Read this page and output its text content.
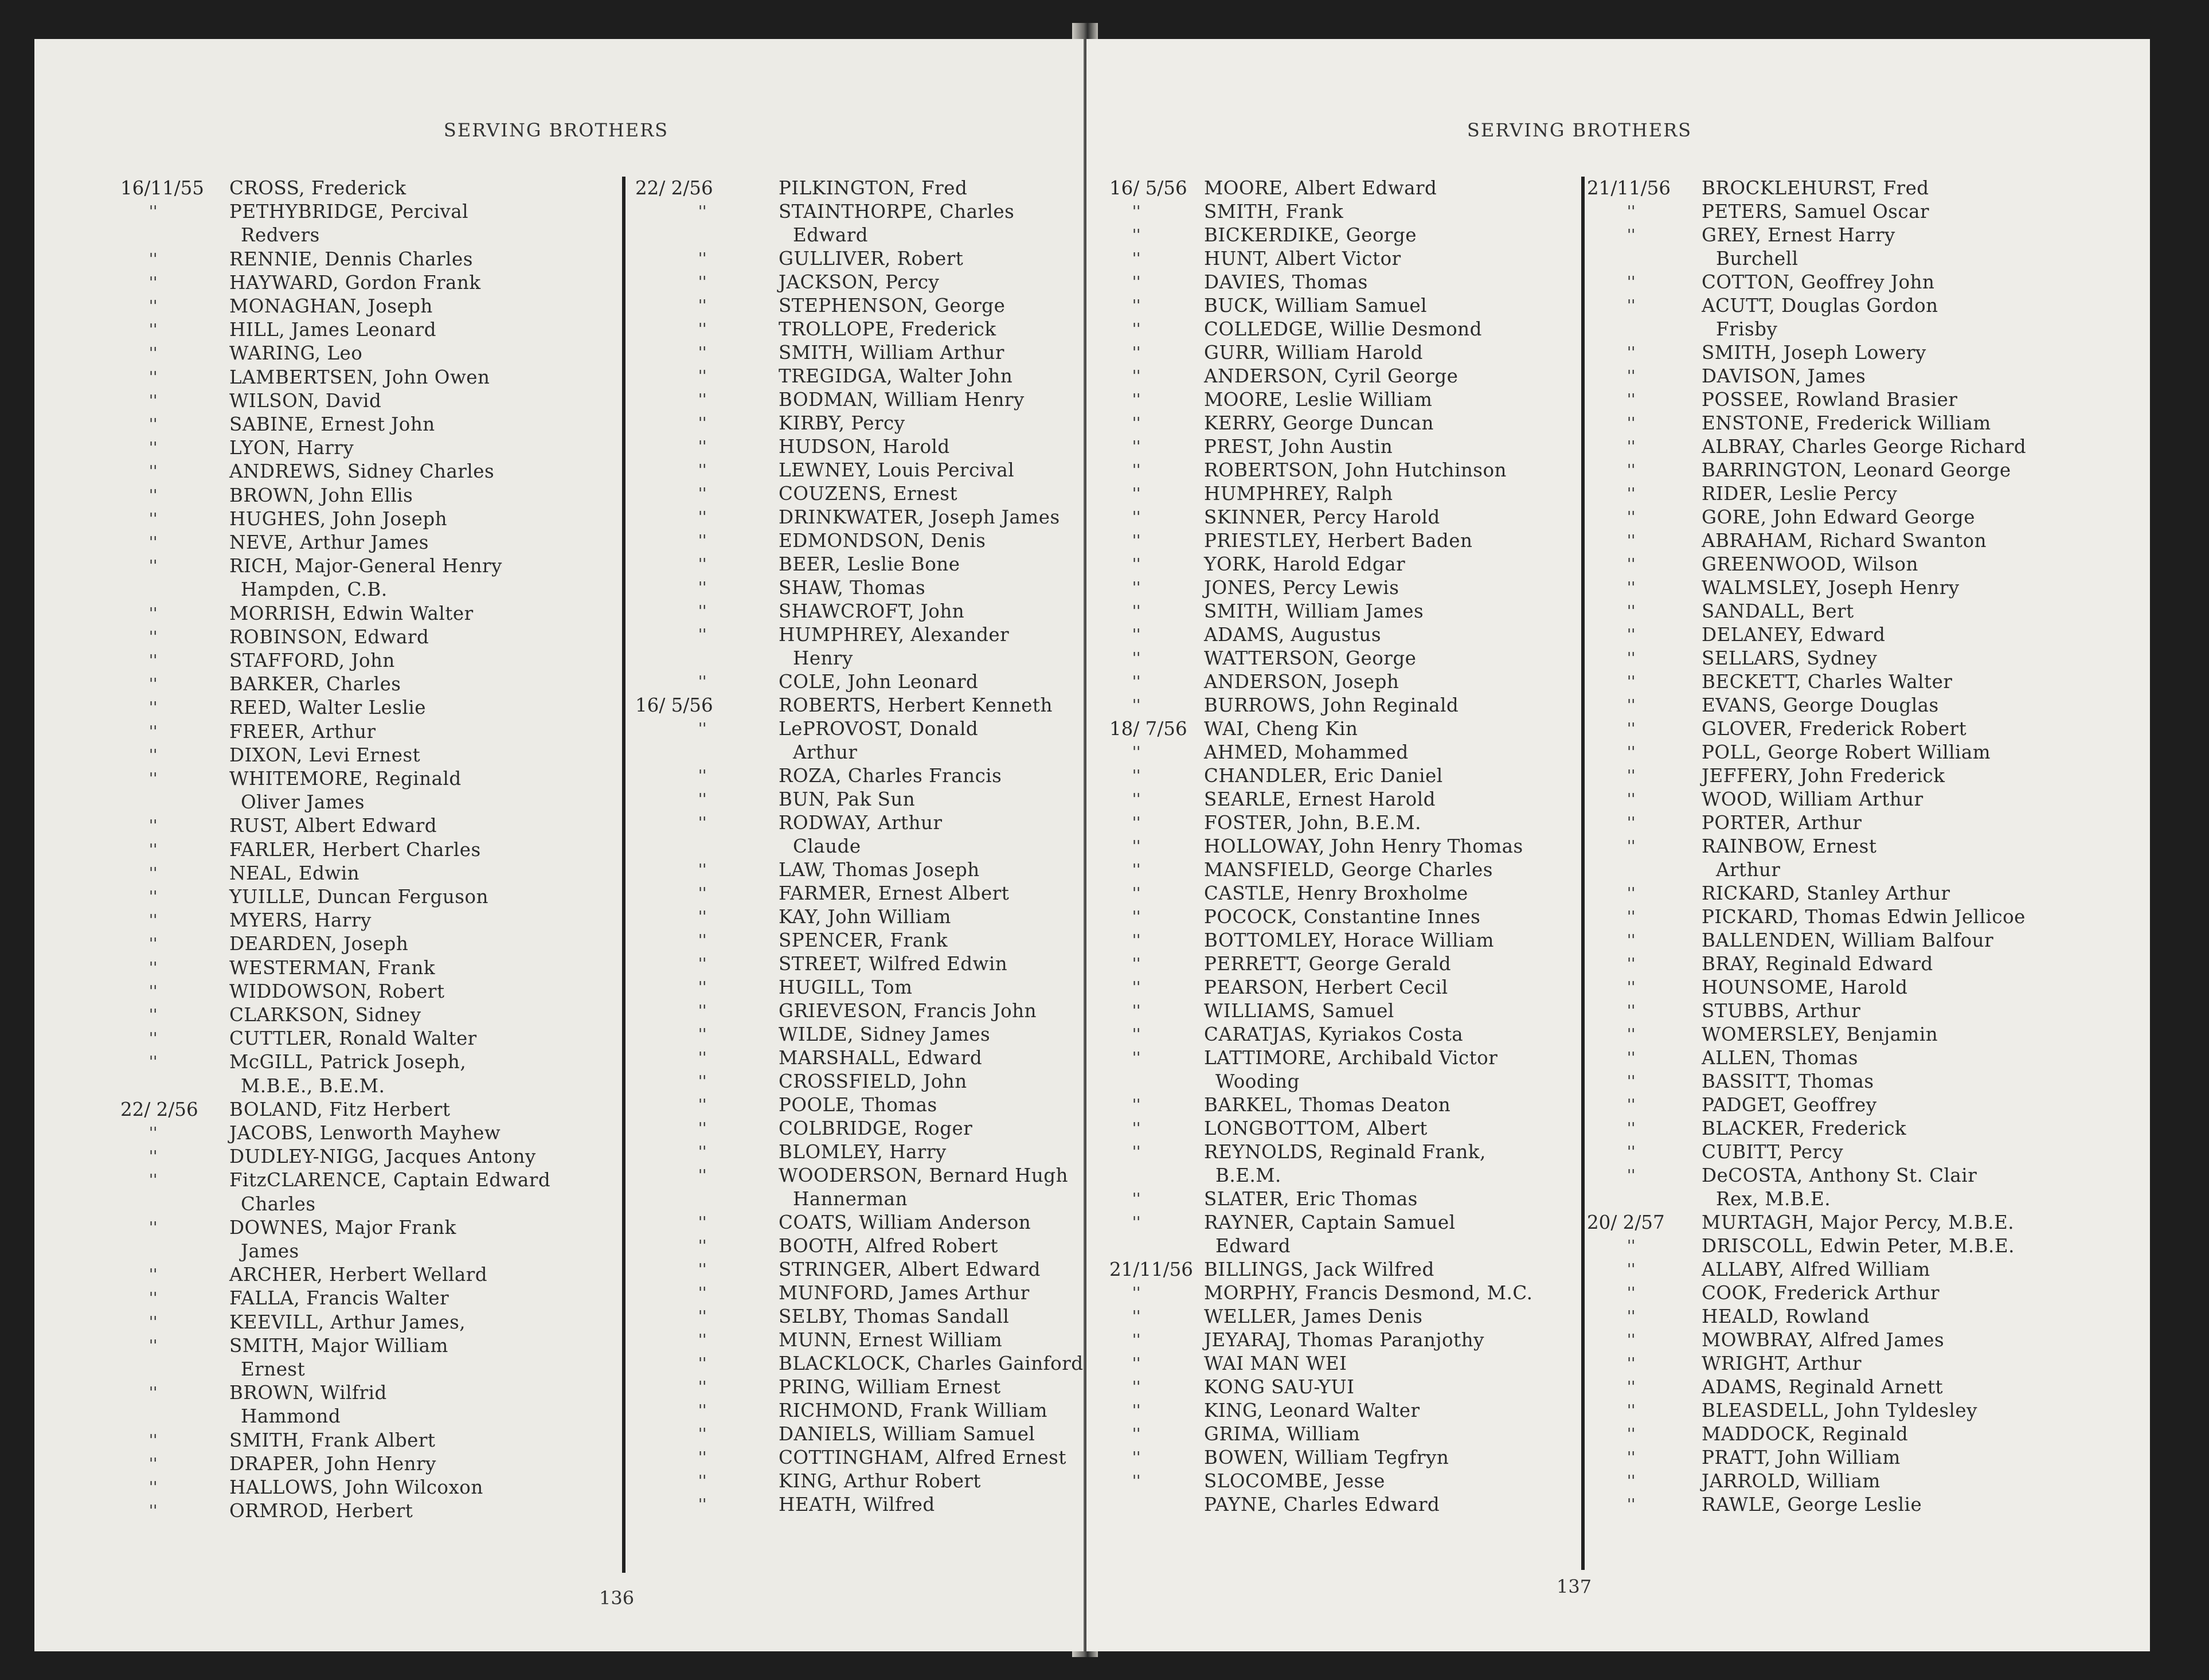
SERVING BROTHERS
16/11/55 CROSS, Frederick
''	PETHYBRIDGE, Percival
Redvers
''	RENNIE, Dennis Charles
''	HAYWARD, Gordon Frank
''	MONAGHAN, Joseph
''	HILL, James Leonard
''	WARING, Leo
''	LAMBERTSEN, John Owen
''	WILSON, David
''	SABINE, Ernest John
''	LYON, Harry
''	ANDREWS, Sidney Charles
''	BROWN, John Ellis
''	HUGHES, John Joseph
''	NEVE, Arthur James
''	RICH, Major-General Henry
Hampden, C.B.
''	MORRISH, Edwin Walter
''	ROBINSON, Edward
''	STAFFORD, John
''	BARKER, Charles
''	REED, Walter Leslie
''	FREER, Arthur
''	DIXON, Levi Ernest
''	WHITEMORE, Reginald
Oliver James
''	RUST, Albert Edward
''	FARLER, Herbert Charles
''	NEAL, Edwin
''	YUILLE, Duncan Ferguson
''	MYERS, Harry
''	DEARDEN, Joseph
''	WESTERMAN, Frank
''	WIDDOWSON, Robert
''	CLARKSON, Sidney
''	CUTTLER, Ronald Walter
''	McGILL, Patrick Joseph,
M.B.E., B.E.M.
22/ 2/56 BOLAND, Fitz Herbert
''	JACOBS, Lenworth Mayhew
''	DUDLEY-NIGG, Jacques Antony
''	FitzCLARENCE, Captain Edward
Charles
''	DOWNES, Major Frank
James
''	ARCHER, Herbert Wellard
''	FALLA, Francis Walter
''	KEEVILL, Arthur James,
''	SMITH, Major William
Ernest
''	BROWN, Wilfrid
Hammond
''	SMITH, Frank Albert
''	DRAPER, John Henry
''	HALLOWS, John Wilcoxon
''	ORMROD, Herbert
22/ 2/56	PILKINGTON, Fred
''	STAINTHORPE, Charles
Edward
''	GULLIVER, Robert
''	JACKSON, Percy
''	STEPHENSON, George
''	TROLLOPE, Frederick
''	SMITH, William Arthur
''	TREGIDGA, Walter John
''	BODMAN, William Henry
''	KIRBY, Percy
''	HUDSON, Harold
''	LEWNEY, Louis Percival
''	COUZENS, Ernest
''	DRINKWATER, Joseph James
''	EDMONDSON, Denis
''	BEER, Leslie Bone
''	SHAW, Thomas
''	SHAWCROFT, John
''	HUMPHREY, Alexander
Henry
''	COLE, John Leonard
16/ 5/56	ROBERTS, Herbert Kenneth
''	LePROVOST, Donald
Arthur
''	ROZA, Charles Francis
''	BUN, Pak Sun
''	RODWAY, Arthur
Claude
''	LAW, Thomas Joseph
''	FARMER, Ernest Albert
''	KAY, John William
''	SPENCER, Frank
''	STREET, Wilfred Edwin
''	HUGILL, Tom
''	GRIEVESON, Francis John
''	WILDE, Sidney James
''	MARSHALL, Edward
''	CROSSFIELD, John
''	POOLE, Thomas
''	COLBRIDGE, Roger
''	BLOMLEY, Harry
''	WOODERSON, Bernard Hugh
Hannerman
''	COATS, William Anderson
''	BOOTH, Alfred Robert
''	STRINGER, Albert Edward
''	MUNFORD, James Arthur
''	SELBY, Thomas Sandall
''	MUNN, Ernest William
''	BLACKLOCK, Charles Gainford
''	PRING, William Ernest
''	RICHMOND, Frank William
''	DANIELS, William Samuel
''	COTTINGHAM, Alfred Ernest
''	KING, Arthur Robert
''	HEATH, Wilfred
136
SERVING BROTHERS
16/ 5/56 MOORE, Albert Edward
''	SMITH, Frank
''	BICKERDIKE, George
''	HUNT, Albert Victor
''	DAVIES, Thomas
''	BUCK, William Samuel
''	COLLEDGE, Willie Desmond
''	GURR, William Harold
''	ANDERSON, Cyril George
''	MOORE, Leslie William
''	KERRY, George Duncan
''	PREST, John Austin
''	ROBERTSON, John Hutchinson
''	HUMPHREY, Ralph
''	SKINNER, Percy Harold
''	PRIESTLEY, Herbert Baden
''	YORK, Harold Edgar
''	JONES, Percy Lewis
''	SMITH, William James
''	ADAMS, Augustus
''	WATTERSON, George
''	ANDERSON, Joseph
''	BURROWS, John Reginald
18/ 7/56 WAI, Cheng Kin
''	AHMED, Mohammed
''	CHANDLER, Eric Daniel
''	SEARLE, Ernest Harold
''	FOSTER, John, B.E.M.
''	HOLLOWAY, John Henry Thomas
''	MANSFIELD, George Charles
''	CASTLE, Henry Broxholme
''	POCOCK, Constantine Innes
''	BOTTOMLEY, Horace William
''	PERRETT, George Gerald
''	PEARSON, Herbert Cecil
''	WILLIAMS, Samuel
''	CARATJAS, Kyriakos Costa
''	LATTIMORE, Archibald Victor
Wooding
''	BARKEL, Thomas Deaton
''	LONGBOTTOM, Albert
''	REYNOLDS, Reginald Frank,
B.E.M.
''	SLATER, Eric Thomas
''	RAYNER, Captain Samuel
Edward
21/11/56 BILLINGS, Jack Wilfred
''	MORPHY, Francis Desmond, M.C.
''	WELLER, James Denis
''	JEYARAJ, Thomas Paranjothy
''	WAI MAN WEI
''	KONG SAU-YUI
''	KING, Leonard Walter
''	GRIMA, William
''	BOWEN, William Tegfryn
''	SLOCOMBE, Jesse
PAYNE, Charles Edward
21/11/56 BROCKLEHURST, Fred
''	PETERS, Samuel Oscar
''	GREY, Ernest Harry
Burchell
''	COTTON, Geoffrey John
''	ACUTT, Douglas Gordon
Frisby
''	SMITH, Joseph Lowery
''	DAVISON, James
''	POSSEE, Rowland Brasier
''	ENSTONE, Frederick William
''	ALBRAY, Charles George Richard
''	BARRINGTON, Leonard George
''	RIDER, Leslie Percy
''	GORE, John Edward George
''	ABRAHAM, Richard Swanton
''	GREENWOOD, Wilson
''	WALMSLEY, Joseph Henry
''	SANDALL, Bert
''	DELANEY, Edward
''	SELLARS, Sydney
''	BECKETT, Charles Walter
''	EVANS, George Douglas
''	GLOVER, Frederick Robert
''	POLL, George Robert William
''	JEFFERY, John Frederick
''	WOOD, William Arthur
''	PORTER, Arthur
''	RAINBOW, Ernest
Arthur
''	RICKARD, Stanley Arthur
''	PICKARD, Thomas Edwin Jellicoe
''	BALLENDEN, William Balfour
''	BRAY, Reginald Edward
''	HOUNSOME, Harold
''	STUBBS, Arthur
''	WOMERSLEY, Benjamin
''	ALLEN, Thomas
''	BASSITT, Thomas
''	PADGET, Geoffrey
''	BLACKER, Frederick
''	CUBITT, Percy
''	DeCOSTA, Anthony St. Clair
Rex, M.B.E.
20/ 2/57 MURTAGH, Major Percy, M.B.E.
''	DRISCOLL, Edwin Peter, M.B.E.
''	ALLABY, Alfred William
''	COOK, Frederick Arthur
''	HEALD, Rowland
''	MOWBRAY, Alfred James
''	WRIGHT, Arthur
''	ADAMS, Reginald Arnett
''	BLEASDELL, John Tyldesley
''	MADDOCK, Reginald
''	PRATT, John William
''	JARROLD, William
''	RAWLE, George Leslie
137
